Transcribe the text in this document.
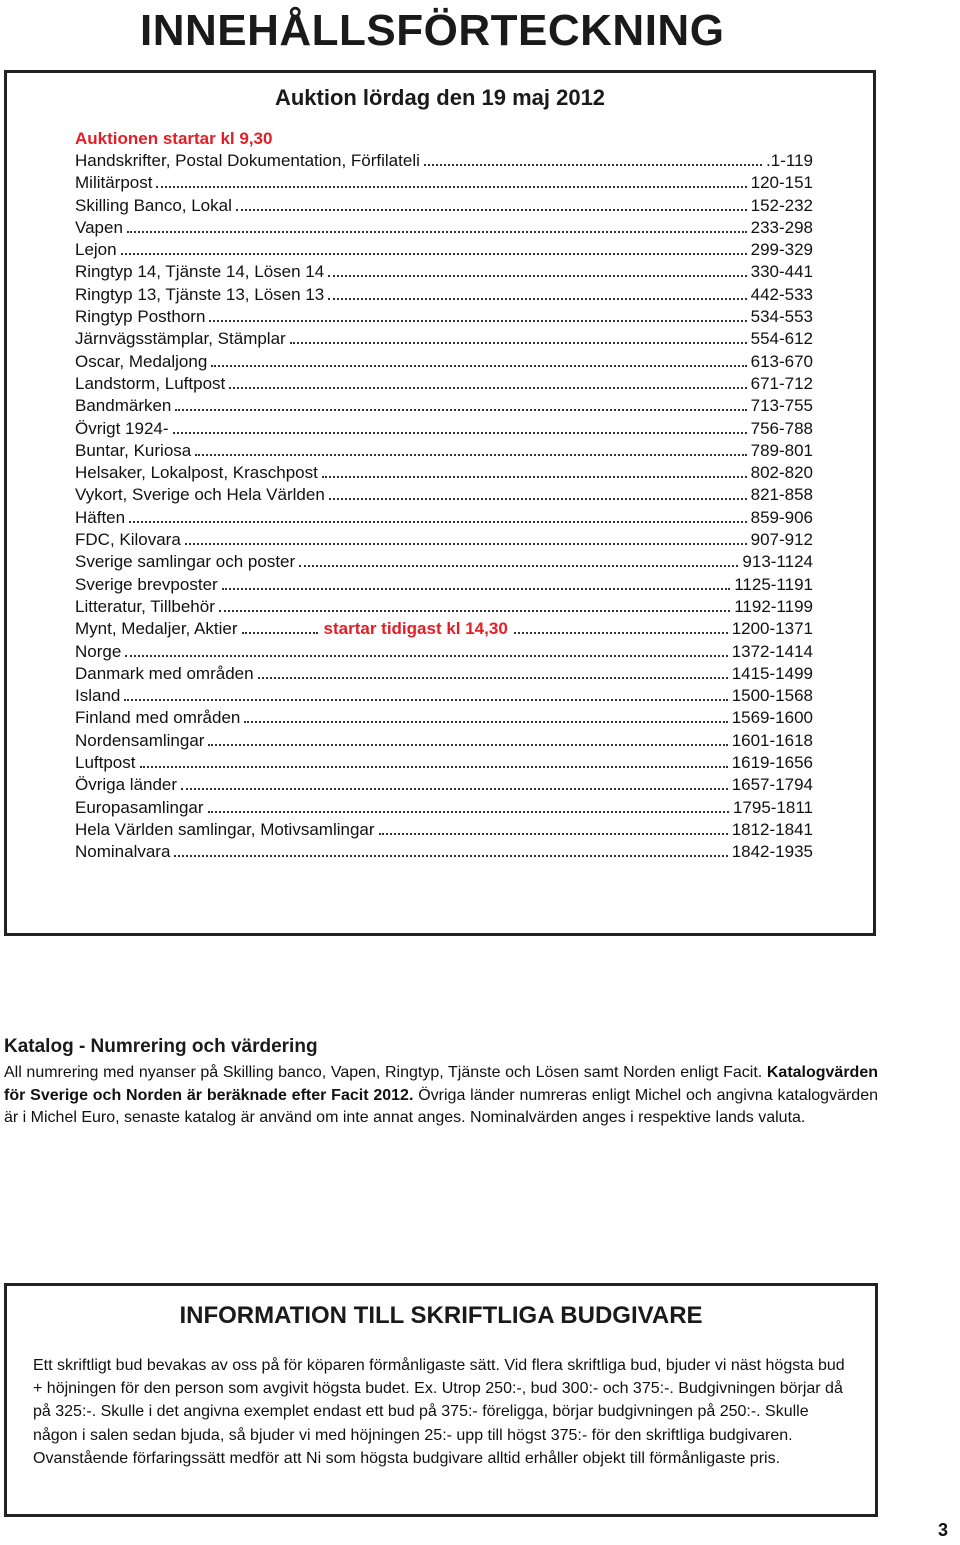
INNEHÅLLSFÖRTECKNING
Auktion lördag den 19 maj 2012
Auktionen startar kl 9,30
Handskrifter, Postal Dokumentation, Förfilateli	.1-119
Militärpost	120-151
Skilling Banco, Lokal	152-232
Vapen	233-298
Lejon	299-329
Ringtyp 14, Tjänste 14, Lösen 14	330-441
Ringtyp 13, Tjänste 13, Lösen 13	442-533
Ringtyp Posthorn	534-553
Järnvägsstämplar, Stämplar	554-612
Oscar, Medaljong	613-670
Landstorm, Luftpost	671-712
Bandmärken	713-755
Övrigt 1924-	756-788
Buntar, Kuriosa	789-801
Helsaker, Lokalpost, Kraschpost	802-820
Vykort, Sverige och Hela Världen	821-858
Häften	859-906
FDC, Kilovara	907-912
Sverige samlingar och poster	913-1124
Sverige brevposter	1125-1191
Litteratur, Tillbehör	1192-1199
Mynt, Medaljer, Aktier	startar tidigast kl 14,30	1200-1371
Norge	1372-1414
Danmark med områden	1415-1499
Island	1500-1568
Finland med områden	1569-1600
Nordensamlingar	1601-1618
Luftpost	1619-1656
Övriga länder	1657-1794
Europasamlingar	1795-1811
Hela Världen samlingar, Motivsamlingar	1812-1841
Nominalvara	1842-1935
Katalog - Numrering och värdering
All numrering med nyanser på Skilling banco, Vapen, Ringtyp, Tjänste och Lösen samt Norden enligt Facit. Katalogvärden för Sverige och Norden är beräknade efter Facit 2012. Övriga länder numreras enligt Michel och angivna katalogvärden är i Michel Euro, senaste katalog är använd om inte annat anges. Nominalvärden anges i respektive lands valuta.
INFORMATION TILL SKRIFTLIGA BUDGIVARE
Ett skriftligt bud bevakas av oss på för köparen förmånligaste sätt. Vid flera skriftliga bud, bjuder vi näst högsta bud + höjningen för den person som avgivit högsta budet. Ex. Utrop 250:-, bud 300:- och 375:-. Budgivningen börjar då på 325:-. Skulle i det angivna exemplet endast ett bud på 375:- föreligga, börjar budgivningen på 250:-. Skulle någon i salen sedan bjuda, så bjuder vi med höjningen 25:- upp till högst 375:- för den skriftliga budgivaren. Ovanstående förfaringssätt medför att Ni som högsta budgivare alltid erhåller objekt till förmånligaste pris.
3
